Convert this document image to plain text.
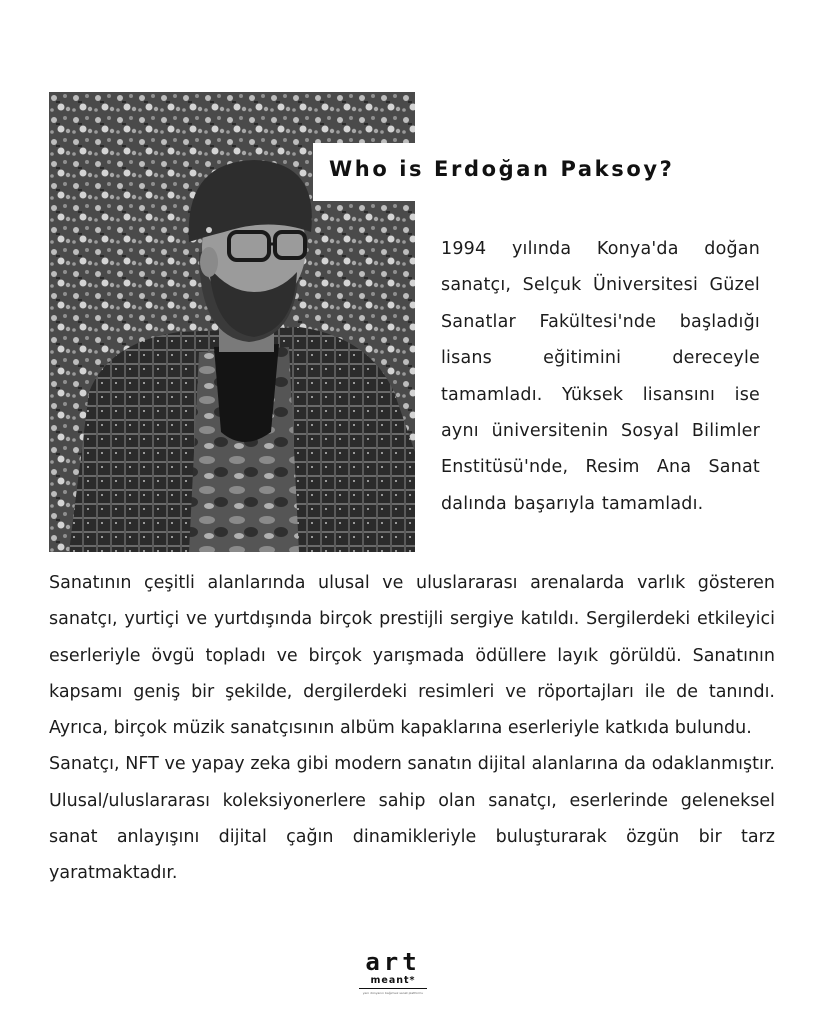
Who is Erdoğan Paksoy?

1994 yılında Konya'da doğan sanatçı, Selçuk Üniversitesi Güzel Sanatlar Fakültesi'nde başladığı lisans eğitimini dereceyle tamamladı. Yüksek lisansını ise aynı üniversitenin Sosyal Bilimler Enstitüsü'nde, Resim Ana Sanat dalında başarıyla tamamladı.

Sanatının çeşitli alanlarında ulusal ve uluslararası arenalarda varlık gösteren sanatçı, yurtiçi ve yurtdışında birçok prestijli sergiye katıldı. Sergilerdeki etkileyici eserleriyle övgü topladı ve birçok yarışmada ödüllere layık görüldü. Sanatının kapsamı geniş bir şekilde, dergilerdeki resimleri ve röportajları ile de tanındı. Ayrıca, birçok müzik sanatçısının albüm kapaklarına eserleriyle katkıda bulundu.

Sanatçı, NFT ve yapay zeka gibi modern sanatın dijital alanlarına da odaklanmıştır. Ulusal/uluslararası koleksiyonerlere sahip olan sanatçı, eserlerinde geleneksel sanat anlayışını dijital çağın dinamikleriyle buluşturarak özgün bir tarz yaratmaktadır.

art
meant*
yeni dünyanın bağımsız sanat platformu
